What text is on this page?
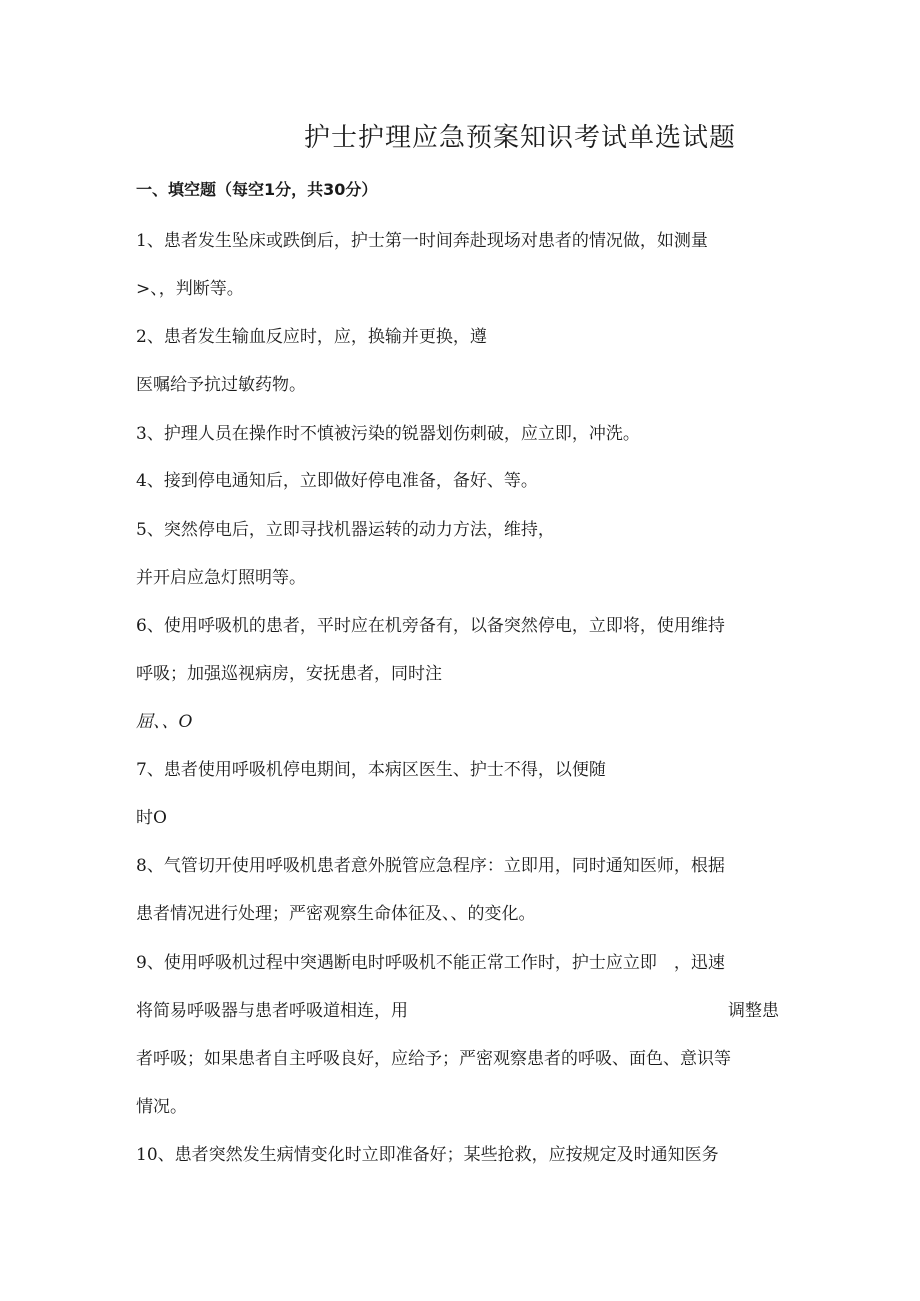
护士护理应急预案知识考试单选试题
一、填空题（每空1分，共30分）
1、患者发生坠床或跌倒后，护士第一时间奔赴现场对患者的情况做，如测量
>、，判断等。
2、患者发生输血反应时，应，换输并更换，遵
医嘱给予抗过敏药物。
3、护理人员在操作时不慎被污染的锐器划伤刺破，应立即，冲洗。
4、接到停电通知后，立即做好停电准备，备好、等。
5、突然停电后，立即寻找机器运转的动力方法，维持，
并开启应急灯照明等。
6、使用呼吸机的患者，平时应在机旁备有，以备突然停电，立即将，使用维持
呼吸；加强巡视病房，安抚患者，同时注
屈、、O
7、患者使用呼吸机停电期间，本病区医生、护士不得，以便随
时O
8、气管切开使用呼吸机患者意外脱管应急程序：立即用，同时通知医师，根据
患者情况进行处理；严密观察生命体征及、、的变化。
9、使用呼吸机过程中突遇断电时呼吸机不能正常工作时，护士应立即　，迅速
将简易呼吸器与患者呼吸道相连，用	调整患
者呼吸；如果患者自主呼吸良好，应给予；严密观察患者的呼吸、面色、意识等
情况。
10、患者突然发生病情变化时立即准备好；某些抢救，应按规定及时通知医务
